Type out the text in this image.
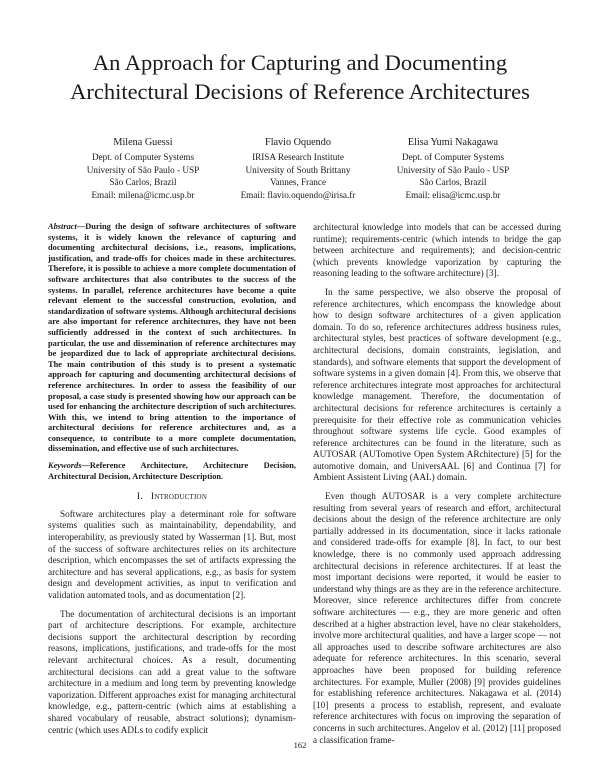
An Approach for Capturing and Documenting Architectural Decisions of Reference Architectures
Milena Guessi
Dept. of Computer Systems
University of São Paulo - USP
São Carlos, Brazil
Email: milena@icmc.usp.br
Flavio Oquendo
IRISA Research Institute
University of South Brittany
Vannes, France
Email: flavio.oquendo@irisa.fr
Elisa Yumi Nakagawa
Dept. of Computer Systems
University of São Paulo - USP
São Carlos, Brazil
Email: elisa@icmc.usp.br
Abstract—During the design of software architectures of software systems, it is widely known the relevance of capturing and documenting architectural decisions, i.e., reasons, implications, justification, and trade-offs for choices made in these architectures. Therefore, it is possible to achieve a more complete documentation of software architectures that also contributes to the success of the systems. In parallel, reference architectures have become a quite relevant element to the successful construction, evolution, and standardization of software systems. Although architectural decisions are also important for reference architectures, they have not been sufficiently addressed in the context of such architectures. In particular, the use and dissemination of reference architectures may be jeopardized due to lack of appropriate architectural decisions. The main contribution of this study is to present a systematic approach for capturing and documenting architectural decisions of reference architectures. In order to assess the feasibility of our proposal, a case study is presented showing how our approach can be used for enhancing the architecture description of such architectures. With this, we intend to bring attention to the importance of architectural decisions for reference architectures and, as a consequence, to contribute to a more complete documentation, dissemination, and effective use of such architectures.
Keywords—Reference Architecture, Architecture Decision, Architectural Decision, Architecture Description.
I. Introduction

Software architectures play a determinant role for software systems qualities such as maintainability, dependability, and interoperability, as previously stated by Wasserman [1]. But, most of the success of software architectures relies on its architecture description, which encompasses the set of artifacts expressing the architecture and has several applications, e.g., as basis for system design and development activities, as input to verification and validation automated tools, and as documentation [2].

The documentation of architectural decisions is an important part of architecture descriptions. For example, architecture decisions support the architectural description by recording reasons, implications, justifications, and trade-offs for the most relevant architectural choices. As a result, documenting architectural decisions can add a great value to the software architecture in a medium and long term by preventing knowledge vaporization. Different approaches exist for managing architectural knowledge, e.g., pattern-centric (which aims at establishing a shared vocabulary of reusable, abstract solutions); dynamism-centric (which uses ADLs to codify explicit

architectural knowledge into models that can be accessed during runtime); requirements-centric (which intends to bridge the gap between architecture and requirements); and decision-centric (which prevents knowledge vaporization by capturing the reasoning leading to the software architecture) [3].

In the same perspective, we also observe the proposal of reference architectures, which encompass the knowledge about how to design software architectures of a given application domain. To do so, reference architectures address business rules, architectural styles, best practices of software development (e.g., architectural decisions, domain constraints, legislation, and standards), and software elements that support the development of software systems in a given domain [4]. From this, we observe that reference architectures integrate most approaches for architectural knowledge management. Therefore, the documentation of architectural decisions for reference architectures is certainly a prerequisite for their effective role as communication vehicles throughout software systems life cycle. Good examples of reference architectures can be found in the literature, such as AUTOSAR (AUTomotive Open System ARchitecture) [5] for the automotive domain, and UniversAAL [6] and Continua [7] for Ambient Assistent Living (AAL) domain.

Even though AUTOSAR is a very complete architecture resulting from several years of research and effort, architectural decisions about the design of the reference architecture are only partially addressed in its documentation, since it lacks rationale and considered trade-offs for example [8]. In fact, to our best knowledge, there is no commonly used approach addressing architectural decisions in reference architectures. If at least the most important decisions were reported, it would be easier to understand why things are as they are in the reference architecture. Moreover, since reference architectures differ from concrete software architectures — e.g., they are more generic and often described at a higher abstraction level, have no clear stakeholders, involve more architectural qualities, and have a larger scope — not all approaches used to describe software architectures are also adequate for reference architectures. In this scenario, several approaches have been proposed for building reference architectures. For example, Muller (2008) [9] provides guidelines for establishing reference architectures. Nakagawa et al. (2014) [10] presents a process to establish, represent, and evaluate reference architectures with focus on improving the separation of concerns in such architectures. Angelov et al. (2012) [11] proposed a classification frame-

162
